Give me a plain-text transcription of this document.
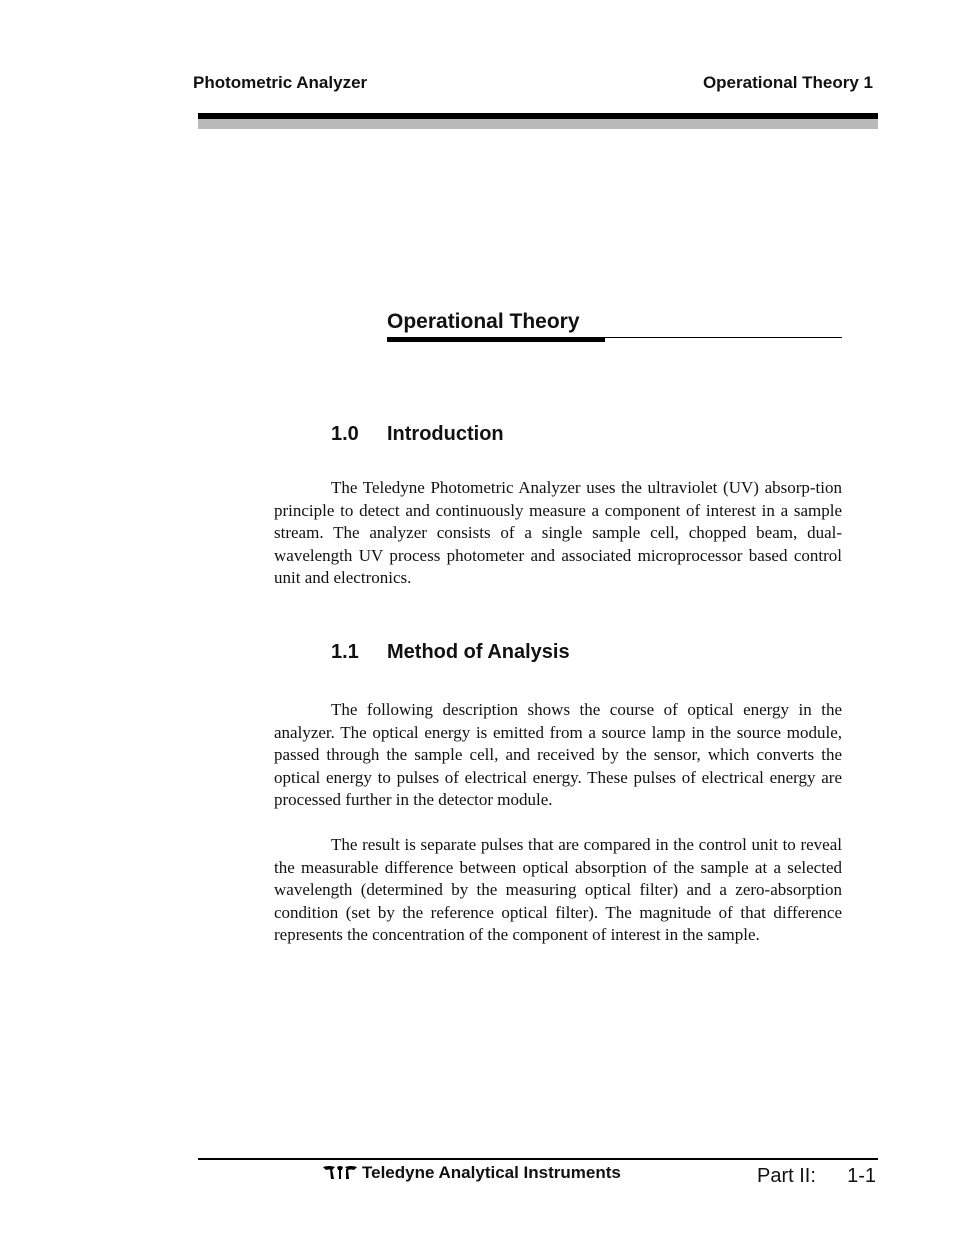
Photometric Analyzer	Operational Theory 1
Operational Theory
1.0 Introduction

The Teledyne Photometric Analyzer uses the ultraviolet (UV) absorp-tion principle to detect and continuously measure a component of interest in a sample stream. The analyzer consists of a single sample cell, chopped beam, dual-wavelength UV process photometer and associated microprocessor based control unit and electronics.

1.1 Method of Analysis

The following description shows the course of optical energy in the analyzer. The optical energy is emitted from a source lamp in the source module, passed through the sample cell, and received by the sensor, which converts the optical energy to pulses of electrical energy. These pulses of electrical energy are processed further in the detector module.

The result is separate pulses that are compared in the control unit to reveal the measurable difference between optical absorption of the sample at a selected wavelength (determined by the measuring optical filter) and a zero-absorption condition (set by the reference optical filter). The magnitude of that difference represents the concentration of the component of interest in the sample.

Teledyne Analytical Instruments	Part II: 1-1
